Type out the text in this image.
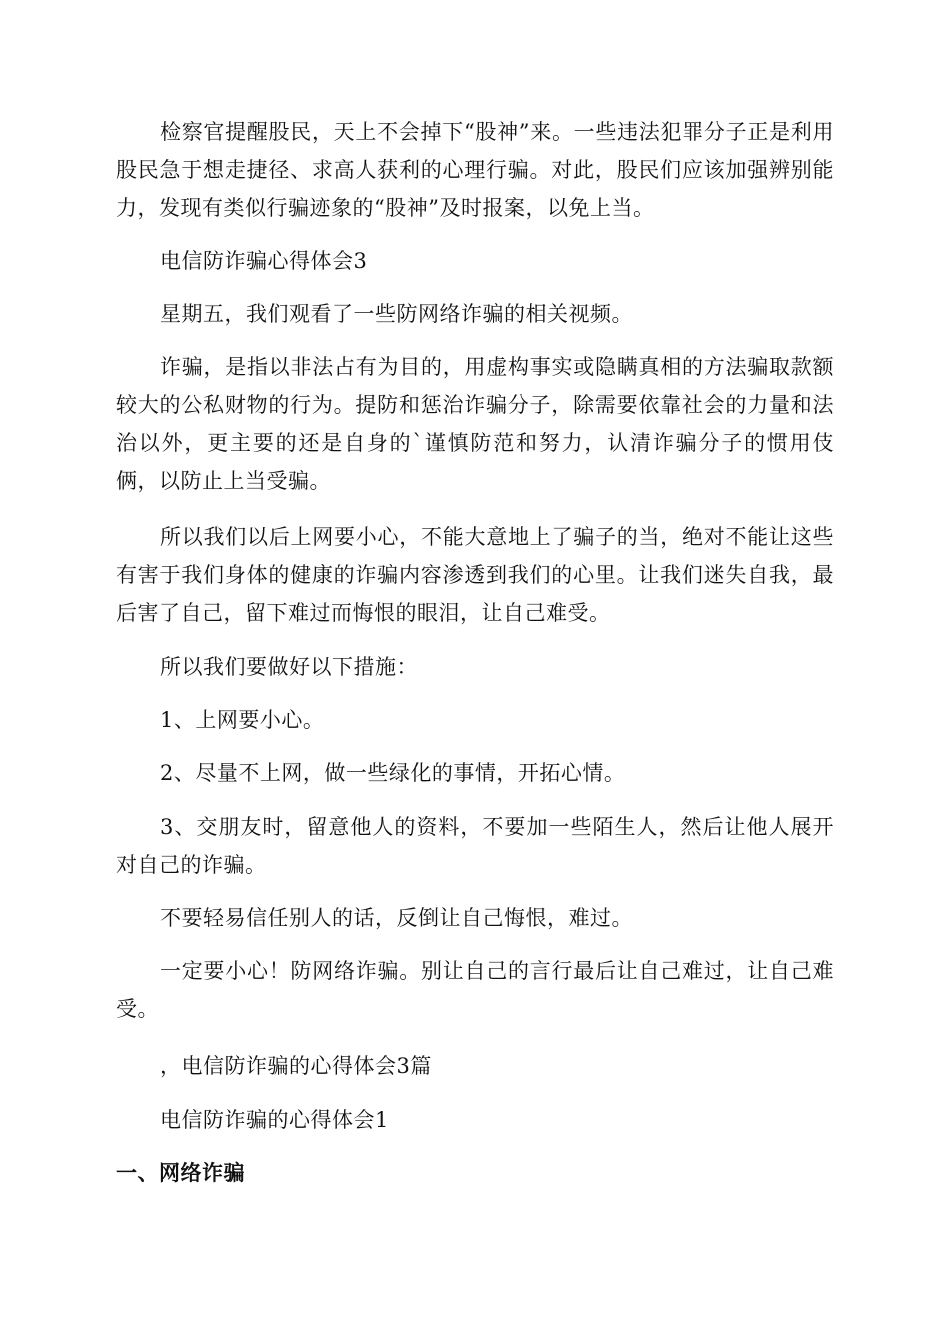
检察官提醒股民，天上不会掉下“股神”来。一些违法犯罪分子正是利用股民急于想走捷径、求高人获利的心理行骗。对此，股民们应该加强辨别能力，发现有类似行骗迹象的“股神”及时报案，以免上当。

电信防诈骗心得体会3

星期五，我们观看了一些防网络诈骗的相关视频。

诈骗，是指以非法占有为目的，用虚构事实或隐瞒真相的方法骗取款额较大的公私财物的行为。提防和惩治诈骗分子，除需要依靠社会的力量和法治以外，更主要的还是自身的`谨慎防范和努力，认清诈骗分子的惯用伎俩，以防止上当受骗。

所以我们以后上网要小心，不能大意地上了骗子的当，绝对不能让这些有害于我们身体的健康的诈骗内容渗透到我们的心里。让我们迷失自我，最后害了自己，留下难过而悔恨的眼泪，让自己难受。

所以我们要做好以下措施：

1、上网要小心。

2、尽量不上网，做一些绿化的事情，开拓心情。

3、交朋友时，留意他人的资料，不要加一些陌生人，然后让他人展开对自己的诈骗。

不要轻易信任别人的话，反倒让自己悔恨，难过。

一定要小心！防网络诈骗。别让自己的言行最后让自己难过，让自己难受。

，电信防诈骗的心得体会3篇

电信防诈骗的心得体会1

一、网络诈骗
